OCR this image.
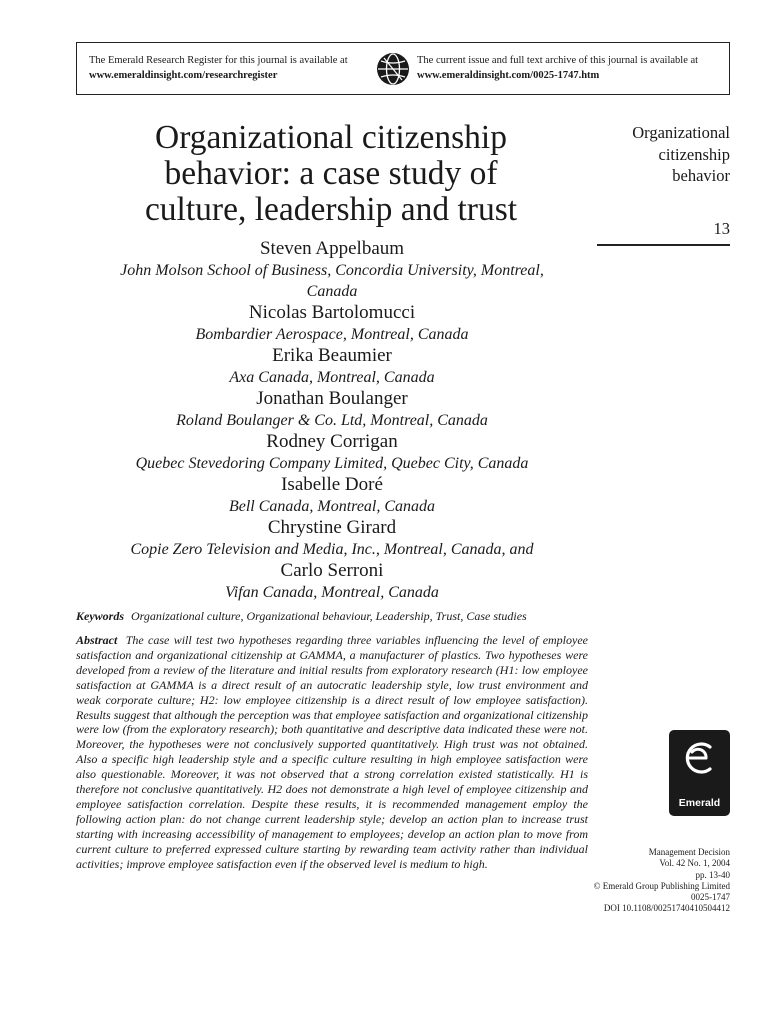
The Emerald Research Register for this journal is available at
www.emeraldinsight.com/researchregister
The current issue and full text archive of this journal is available at
www.emeraldinsight.com/0025-1747.htm
Organizational citizenship
behavior: a case study of
culture, leadership and trust
Organizational
citizenship
behavior
13
Steven Appelbaum
John Molson School of Business, Concordia University, Montreal,
Canada
Nicolas Bartolomucci
Bombardier Aerospace, Montreal, Canada
Erika Beaumier
Axa Canada, Montreal, Canada
Jonathan Boulanger
Roland Boulanger & Co. Ltd, Montreal, Canada
Rodney Corrigan
Quebec Stevedoring Company Limited, Quebec City, Canada
Isabelle Doré
Bell Canada, Montreal, Canada
Chrystine Girard
Copie Zero Television and Media, Inc., Montreal, Canada, and
Carlo Serroni
Vifan Canada, Montreal, Canada
Keywords Organizational culture, Organizational behaviour, Leadership, Trust, Case studies
Abstract The case will test two hypotheses regarding three variables influencing the level of employee satisfaction and organizational citizenship at GAMMA, a manufacturer of plastics. Two hypotheses were developed from a review of the literature and initial results from exploratory research (H1: low employee satisfaction at GAMMA is a direct result of an autocratic leadership style, low trust environment and weak corporate culture; H2: low employee citizenship is a direct result of low employee satisfaction). Results suggest that although the perception was that employee satisfaction and organizational citizenship were low (from the exploratory research); both quantitative and descriptive data indicated these were not. Moreover, the hypotheses were not conclusively supported quantitatively. High trust was not obtained. Also a specific high leadership style and a specific culture resulting in high employee satisfaction were also questionable. Moreover, it was not observed that a strong correlation existed statistically. H1 is therefore not conclusive quantitatively. H2 does not demonstrate a high level of employee citizenship and employee satisfaction correlation. Despite these results, it is recommended management employ the following action plan: do not change current leadership style; develop an action plan to increase trust starting with increasing accessibility of management to employees; develop an action plan to move from current culture to preferred expressed culture starting by rewarding team activity rather than individual activities; improve employee satisfaction even if the observed level is medium to high.
Emerald
Management Decision
Vol. 42 No. 1, 2004
pp. 13-40
© Emerald Group Publishing Limited
0025-1747
DOI 10.1108/00251740410504412
